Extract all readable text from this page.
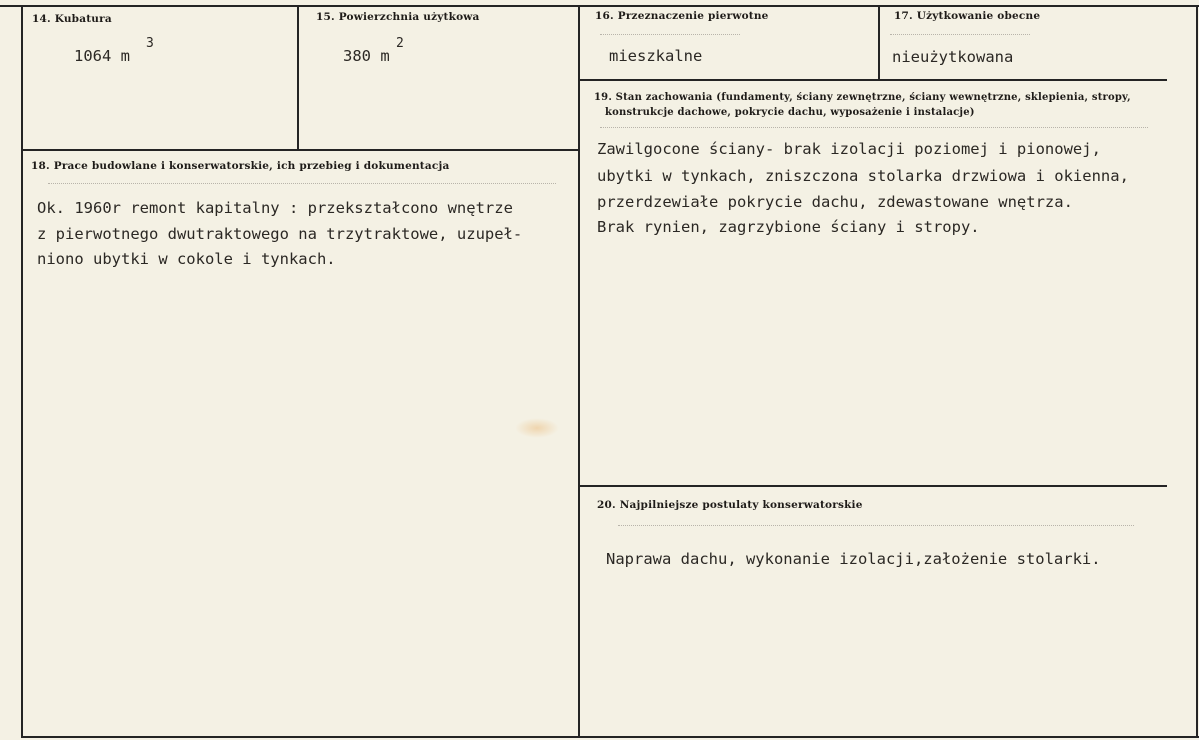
14. Kubatura
1064 m
3
15. Powierzchnia użytkowa
380 m
2
16. Przeznaczenie pierwotne
mieszkalne
17. Użytkowanie obecne
nieużytkowana
19. Stan zachowania (fundamenty, ściany zewnętrzne, ściany wewnętrzne, sklepienia, stropy,
konstrukcje dachowe, pokrycie dachu, wyposażenie i instalacje)
Zawilgocone ściany- brak izolacji poziomej i pionowej,
ubytki w tynkach, zniszczona stolarka drzwiowa i okienna,
przerdzewiałe pokrycie dachu, zdewastowane wnętrza.
Brak rynien, zagrzybione ściany i stropy.
18. Prace budowlane i konserwatorskie, ich przebieg i dokumentacja
Ok. 1960r remont kapitalny : przekształcono wnętrze
z pierwotnego dwutraktowego na trzytraktowe, uzupeł-
niono ubytki w cokole i tynkach.
20. Najpilniejsze postulaty konserwatorskie
Naprawa dachu, wykonanie izolacji,założenie stolarki.
